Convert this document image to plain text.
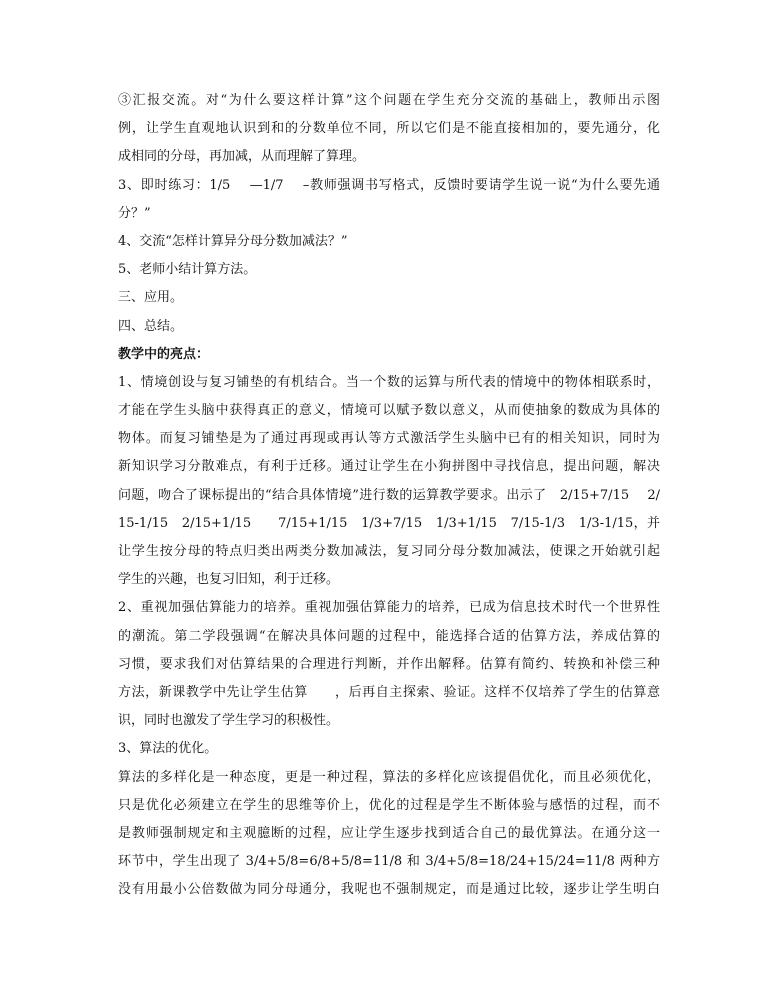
③汇报交流。对“为什么要这样计算”这个问题在学生充分交流的基础上，教师出示图
例，让学生直观地认识到和的分数单位不同，所以它们是不能直接相加的，要先通分，化
成相同的分母，再加减，从而理解了算理。
3、即时练习：1/5　 —1/7　 –教师强调书写格式，反馈时要请学生说一说“为什么要先通
分？”
4、交流“怎样计算异分母分数加减法？”
5、老师小结计算方法。
三、应用。
四、总结。
教学中的亮点：
1、情境创设与复习铺垫的有机结合。当一个数的运算与所代表的情境中的物体相联系时，
才能在学生头脑中获得真正的意义，情境可以赋予数以意义，从而使抽象的数成为具体的
物体。而复习铺垫是为了通过再现或再认等方式激活学生头脑中已有的相关知识，同时为
新知识学习分散难点，有利于迁移。通过让学生在小狗拼图中寻找信息，提出问题，解决
问题，吻合了课标提出的“结合具体情境”进行数的运算教学要求。出示了　2/15+7/15　 2/
15-1/15　2/15+1/15　　7/15+1/15　1/3+7/15　1/3+1/15　7/15-1/3　1/3-1/15，并
让学生按分母的特点归类出两类分数加减法，复习同分母分数加减法，使课之开始就引起
学生的兴趣，也复习旧知，利于迁移。
2、重视加强估算能力的培养。重视加强估算能力的培养，已成为信息技术时代一个世界性
的潮流。第二学段强调“在解决具体问题的过程中，能选择合适的估算方法，养成估算的
习惯，要求我们对估算结果的合理进行判断，并作出解释。估算有简约、转换和补偿三种
方法，新课教学中先让学生估算　　，后再自主探索、验证。这样不仅培养了学生的估算意
识，同时也激发了学生学习的积极性。
3、算法的优化。
算法的多样化是一种态度，更是一种过程，算法的多样化应该提倡优化，而且必须优化，
只是优化必须建立在学生的思维等价上，优化的过程是学生不断体验与感悟的过程，而不
是教师强制规定和主观臆断的过程，应让学生逐步找到适合自己的最优算法。在通分这一
环节中，学生出现了 3/4+5/8=6/8+5/8=11/8 和 3/4+5/8=18/24+15/24=11/8 两种方
没有用最小公倍数做为同分母通分，我呢也不强制规定，而是通过比较，逐步让学生明白
